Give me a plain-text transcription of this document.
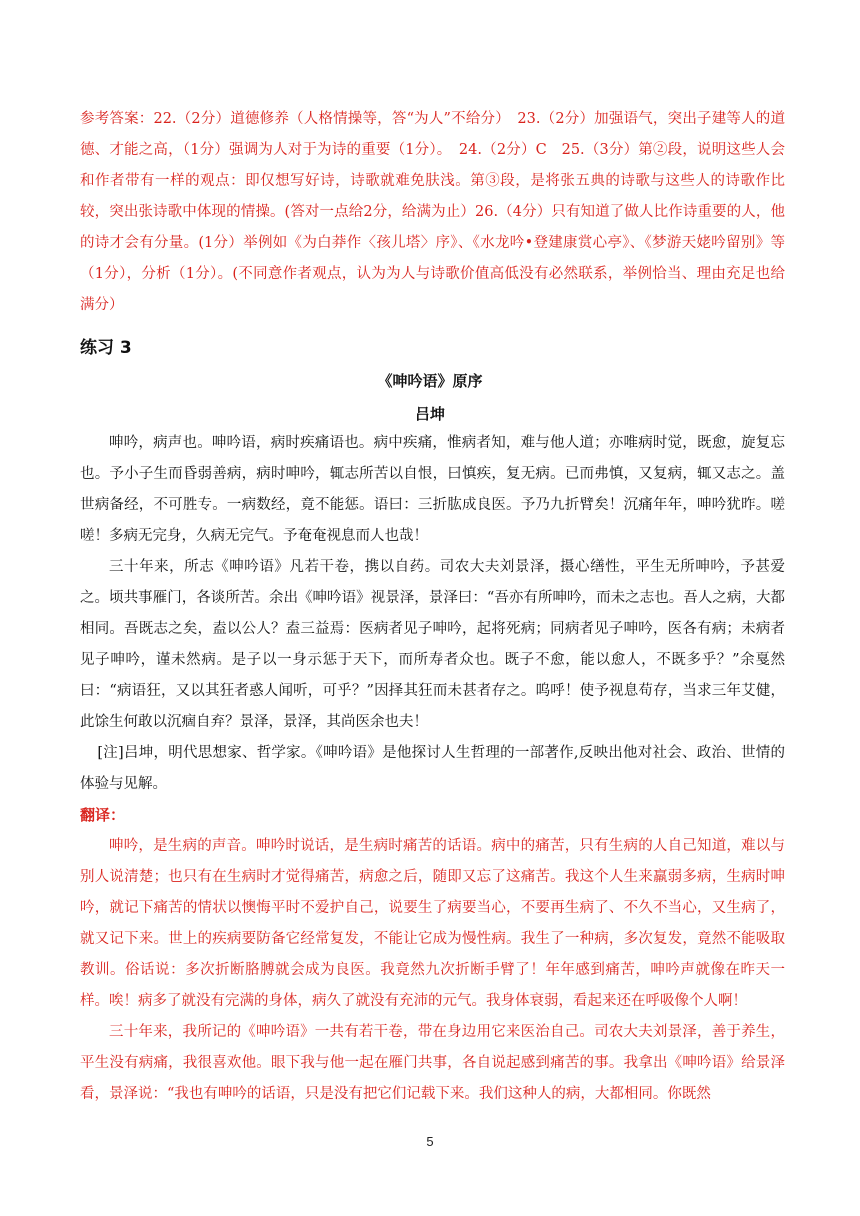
参考答案：22.（2分）道德修养（人格情操等，答“为人”不给分）　23.（2分）加强语气，突出子建等人的道德、才能之高，（1分）强调为人对于为诗的重要（1分）。　24.（2分）C　25.（3分）第②段，说明这些人会和作者带有一样的观点：即仅想写好诗，诗歌就难免肤浅。第③段，是将张五典的诗歌与这些人的诗歌作比较，突出张诗歌中体现的情操。(答对一点给2分，给满为止）26.（4分）只有知道了做人比作诗重要的人，他的诗才会有分量。(1分）举例如《为白莽作〈孩儿塔〉序》、《水龙吟•登建康赏心亭》、《梦游天姥吟留别》等（1分），分析（1分）。(不同意作者观点，认为为人与诗歌价值高低没有必然联系，举例恰当、理由充足也给满分）

练习 3
《呻吟语》原序
吕坤

呻吟，病声也。呻吟语，病时疾痛语也。病中疾痛，惟病者知，难与他人道；亦唯病时觉，既愈，旋复忘也。予小子生而昏弱善病，病时呻吟，辄志所苦以自恨，曰慎疾，复无病。已而弗慎，又复病，辄又志之。盖世病备经，不可胜专。一病数经，竟不能惩。语曰：三折肱成良医。予乃九折臂矣！沉痛年年，呻吟犹昨。嗟嗟！多病无完身，久病无完气。予奄奄视息而人也哉！

三十年来，所志《呻吟语》凡若干卷，携以自药。司农大夫刘景泽，摄心缮性，平生无所呻吟，予甚爱之。顷共事雁门，各谈所苦。余出《呻吟语》视景泽，景泽曰：“吾亦有所呻吟，而未之志也。吾人之病，大都相同。吾既志之矣，盍以公人？盍三益焉：医病者见子呻吟，起将死病；同病者见子呻吟，医各有病；未病者见子呻吟，谨未然病。是子以一身示惩于天下，而所寿者众也。既子不愈，能以愈人，不既多乎？”余戛然曰：“病语狂，又以其狂者惑人闻听，可乎？”因择其狂而未甚者存之。呜呼！使予视息苟存，当求三年艾健，此馀生何敢以沉痼自弃？景泽，景泽，其尚医余也夫！

[注]吕坤，明代思想家、哲学家。《呻吟语》是他探讨人生哲理的一部著作,反映出他对社会、政治、世情的体验与见解。

翻译：

呻吟，是生病的声音。呻吟时说话，是生病时痛苦的话语。病中的痛苦，只有生病的人自己知道，难以与别人说清楚；也只有在生病时才觉得痛苦，病愈之后，随即又忘了这痛苦。我这个人生来羸弱多病，生病时呻吟，就记下痛苦的情状以懊悔平时不爱护自己，说要生了病要当心，不要再生病了、不久不当心，又生病了，就又记下来。世上的疾病要防备它经常复发，不能让它成为慢性病。我生了一种病，多次复发，竟然不能吸取教训。俗话说：多次折断胳膊就会成为良医。我竟然九次折断手臂了！年年感到痛苦，呻吟声就像在昨天一样。唉！病多了就没有完满的身体，病久了就没有充沛的元气。我身体衰弱，看起来还在呼吸像个人啊！

三十年来，我所记的《呻吟语》一共有若干卷，带在身边用它来医治自己。司农大夫刘景泽，善于养生，平生没有病痛，我很喜欢他。眼下我与他一起在雁门共事，各自说起感到痛苦的事。我拿出《呻吟语》给景泽看，景泽说：“我也有呻吟的话语，只是没有把它们记载下来。我们这种人的病，大都相同。你既然

5
